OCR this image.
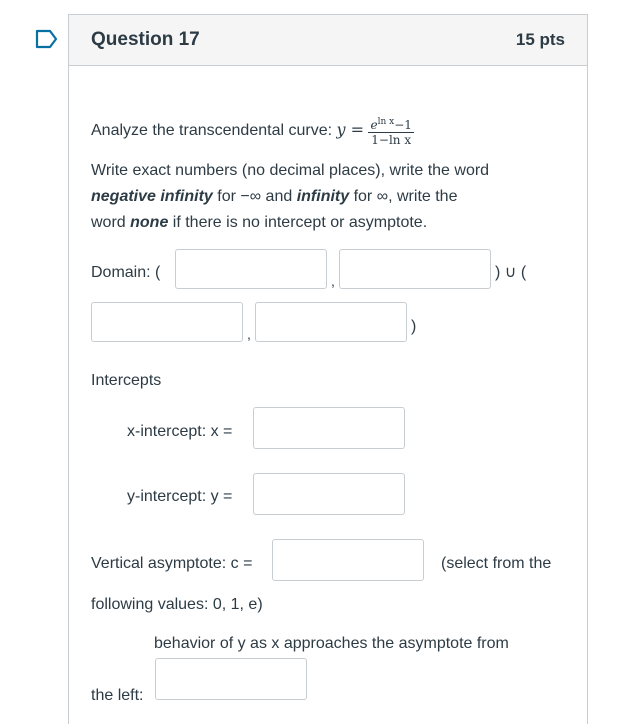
Question 17	15 pts
Analyze the transcendental curve: $y = \frac{e^{ln x}-1}{\text{1−ln x}}$
Write exact numbers (no decimal places), write the word
negative infinity for −∞ and infinity for ∞, write the
word none if there is no intercept or asymptote.
Domain: (	,	) ∪ (
,	)
Intercepts
x-intercept: x =
y-intercept: y =
Vertical asymptote: c =	(select from the
following values: 0, 1, e)
behavior of y as x approaches the asymptote from
the left:
